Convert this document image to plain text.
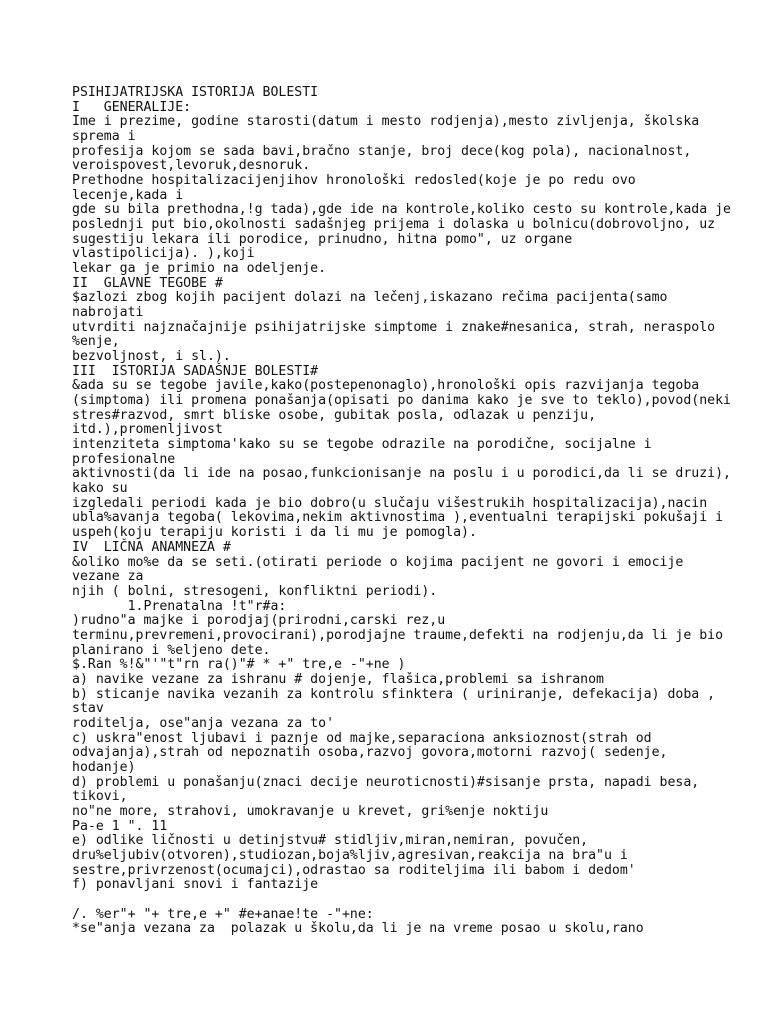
PSIHIJATRIJSKA ISTORIJA BOLESTI
I   GENERALIJE:
Ime i prezime, godine starosti(datum i mesto rodjenja),mesto zivljenja, školska
sprema i
profesija kojom se sada bavi,bračno stanje, broj dece(kog pola), nacionalnost,
veroispovest,levoruk,desnoruk.
Prethodne hospitalizacijenjihov hronološki redosled(koje je po redu ovo
lecenje,kada i
gde su bila prethodna,!g tada),gde ide na kontrole,koliko cesto su kontrole,kada je
poslednji put bio,okolnosti sadašnjeg prijema i dolaska u bolnicu(dobrovoljno, uz
sugestiju lekara ili porodice, prinudno, hitna pomo", uz organe
vlastipolicija). ),koji
lekar ga je primio na odeljenje.
II  GLAVNE TEGOBE #
$azlozi zbog kojih pacijent dolazi na lečenj,iskazano rečima pacijenta(samo
nabrojati
utvrditi najznačajnije psihijatrijske simptome i znake#nesanica, strah, neraspolo
%enje,
bezvoljnost, i sl.).
III  ISTORIJA SADAŠNJE BOLESTI#
&ada su se tegobe javile,kako(postepenonaglo),hronološki opis razvijanja tegoba
(simptoma) ili promena ponašanja(opisati po danima kako je sve to teklo),povod(neki
stres#razvod, smrt bliske osobe, gubitak posla, odlazak u penziju,
itd.),promenljivost
intenziteta simptoma'kako su se tegobe odrazile na porodične, socijalne i
profesionalne
aktivnosti(da li ide na posao,funkcionisanje na poslu i u porodici,da li se druzi),
kako su
izgledali periodi kada je bio dobro(u slučaju višestrukih hospitalizacija),nacin
ubla%avanja tegoba( lekovima,nekim aktivnostima ),eventualni terapijski pokušaji i
uspeh(koju terapiju koristi i da li mu je pomogla).
IV  LIČNA ANAMNEZA #
&oliko mo%e da se seti.(otirati periode o kojima pacijent ne govori i emocije
vezane za
njih ( bolni, stresogeni, konfliktni periodi).
1.Prenatalna !t"r#a:
)rudno"a majke i porodjaj(prirodni,carski rez,u
terminu,prevremeni,provocirani),porodjajne traume,defekti na rodjenju,da li je bio
planirano i %eljeno dete.
$.Ran %!&"'"t"rn ra()"# * +" tre,e -"+ne )
a) navike vezane za ishranu # dojenje, flašica,problemi sa ishranom
b) sticanje navika vezanih za kontrolu sfinktera ( uriniranje, defekacija) doba ,
stav
roditelja, ose"anja vezana za to'
c) uskra"enost ljubavi i paznje od majke,separaciona anksioznost(strah od
odvajanja),strah od nepoznatih osoba,razvoj govora,motorni razvoj( sedenje,
hodanje)
d) problemi u ponašanju(znaci decije neuroticnosti)#sisanje prsta, napadi besa,
tikovi,
no"ne more, strahovi, umokravanje u krevet, gri%enje noktiju
Pa-e 1 ". 11
e) odlike ličnosti u detinjstvu# stidljiv,miran,nemiran, povučen,
dru%eljubiv(otvoren),studiozan,boja%ljiv,agresivan,reakcija na bra"u i
sestre,privrzenost(ocumajci),odrastao sa roditeljima ili babom i dedom'
f) ponavljani snovi i fantazije

/. %er"+ "+ tre,e +" #e+anae!te -"+ne:
*se"anja vezana za  polazak u školu,da li je na vreme posao u skolu,rano
